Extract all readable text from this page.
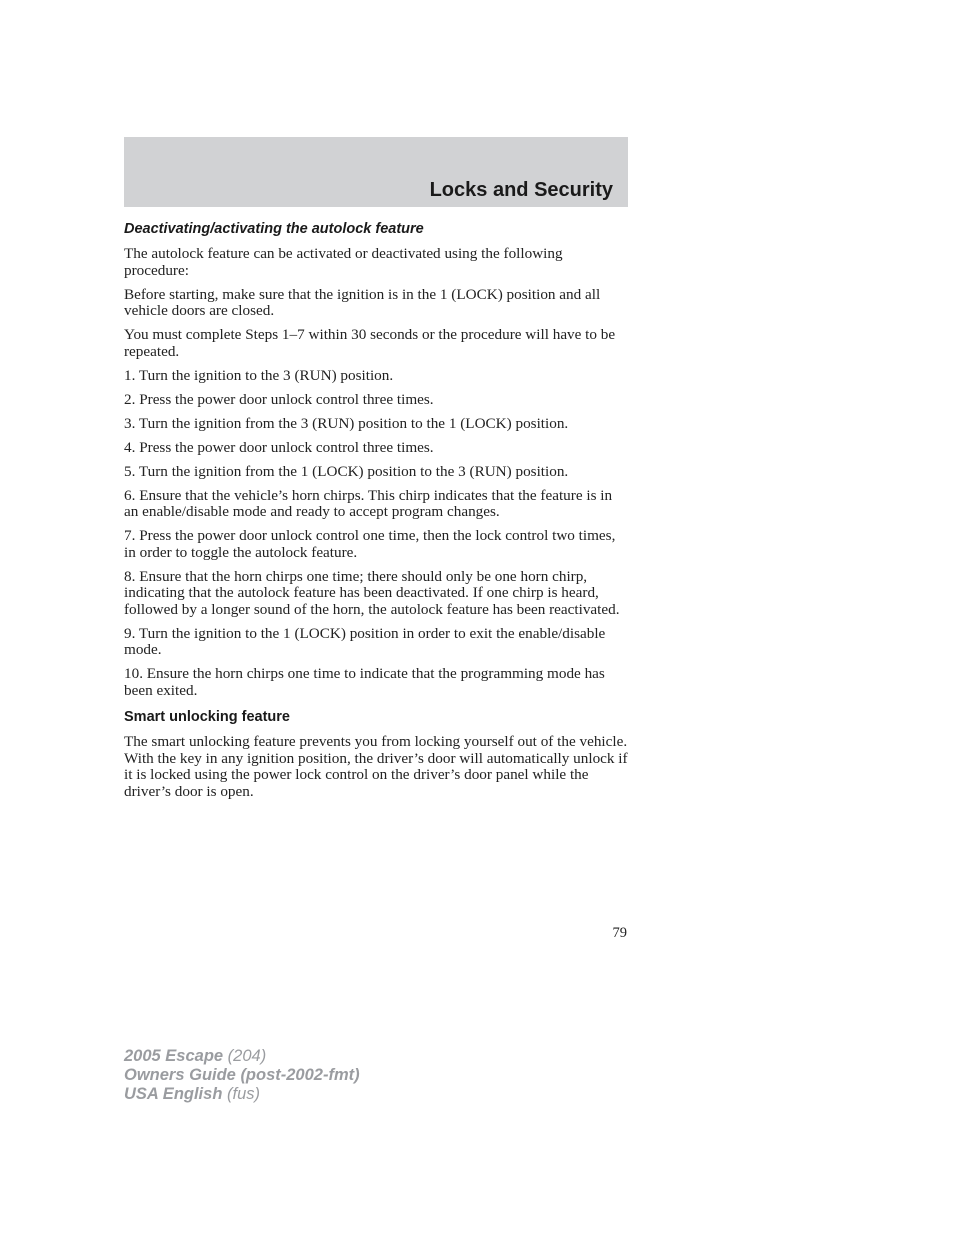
Locks and Security
Deactivating/activating the autolock feature

The autolock feature can be activated or deactivated using the following procedure:

Before starting, make sure that the ignition is in the 1 (LOCK) position and all vehicle doors are closed.

You must complete Steps 1–7 within 30 seconds or the procedure will have to be repeated.

1. Turn the ignition to the 3 (RUN) position.

2. Press the power door unlock control three times.

3. Turn the ignition from the 3 (RUN) position to the 1 (LOCK) position.

4. Press the power door unlock control three times.

5. Turn the ignition from the 1 (LOCK) position to the 3 (RUN) position.

6. Ensure that the vehicle’s horn chirps. This chirp indicates that the feature is in an enable/disable mode and ready to accept program changes.

7. Press the power door unlock control one time, then the lock control two times, in order to toggle the autolock feature.

8. Ensure that the horn chirps one time; there should only be one horn chirp, indicating that the autolock feature has been deactivated. If one chirp is heard, followed by a longer sound of the horn, the autolock feature has been reactivated.

9. Turn the ignition to the 1 (LOCK) position in order to exit the enable/disable mode.

10. Ensure the horn chirps one time to indicate that the programming mode has been exited.

Smart unlocking feature

The smart unlocking feature prevents you from locking yourself out of the vehicle. With the key in any ignition position, the driver’s door will automatically unlock if it is locked using the power lock control on the driver’s door panel while the driver’s door is open.

79
2005 Escape (204)
Owners Guide (post-2002-fmt)
USA English (fus)
